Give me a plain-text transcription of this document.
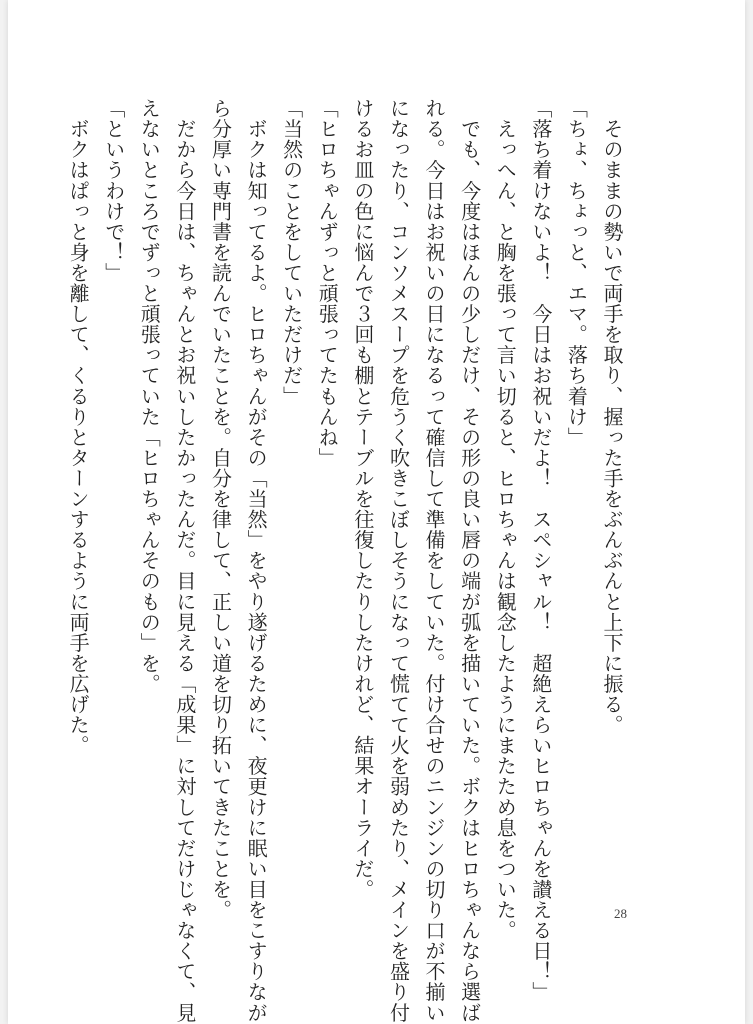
　そのままの勢いで両手を取り、握った手をぶんぶんと上下に振る。
「ちょ、ちょっと、エマ。落ち着け」
「落ち着けないよ！　今日はお祝いだよ！　スペシャル！　超絶えらいヒロちゃんを讃える日！」
　えっへん、と胸を張って言い切ると、ヒロちゃんは観念したようにまたため息をついた。
　でも、今度はほんの少しだけ、その形の良い唇の端が弧を描いていた。ボクはヒロちゃんなら選ば
れる。今日はお祝いの日になるって確信して準備をしていた。付け合せのニンジンの切り口が不揃い
になったり、コンソメスープを危うく吹きこぼしそうになって慌てて火を弱めたり、メインを盛り付
けるお皿の色に悩んで３回も棚とテーブルを往復したりしたけれど、結果オーライだ。
「ヒロちゃんずっと頑張ってたもんね」
「当然のことをしていただけだ」
　ボクは知ってるよ。ヒロちゃんがその「当然」をやり遂げるために、夜更けに眠い目をこすりなが
ら分厚い専門書を読んでいたことを。自分を律して、正しい道を切り拓いてきたことを。
　だから今日は、ちゃんとお祝いしたかったんだ。目に見える「成果」に対してだけじゃなくて、見
えないところでずっと頑張っていた「ヒロちゃんそのもの」を。
「というわけで！」
　ボクはぱっと身を離して、くるりとターンするように両手を広げた。
28
